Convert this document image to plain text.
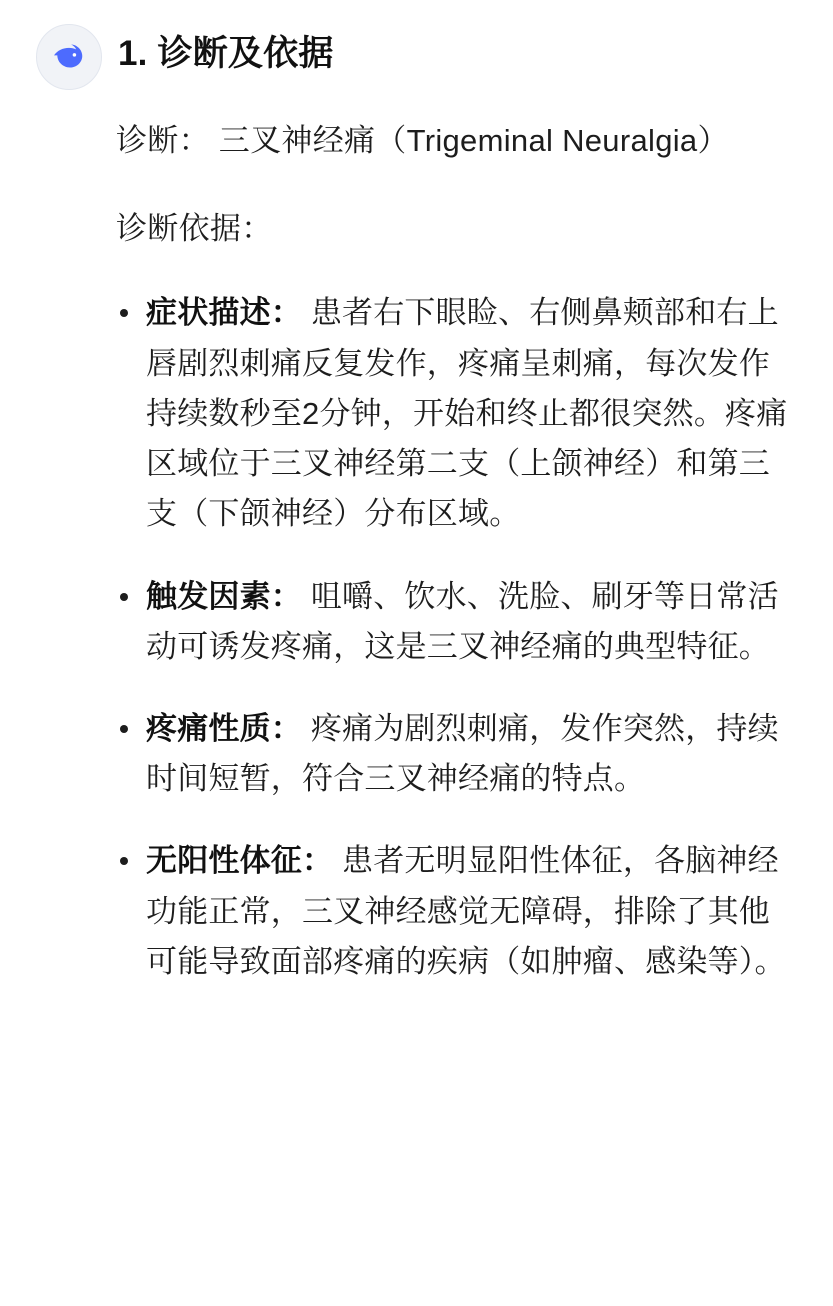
1. 诊断及依据

诊断： 三叉神经痛（Trigeminal Neuralgia）

诊断依据：

症状描述： 患者右下眼睑、右侧鼻颊部和右上唇剧烈刺痛反复发作，疼痛呈刺痛，每次发作持续数秒至2分钟，开始和终止都很突然。疼痛区域位于三叉神经第二支（上颌神经）和第三支（下颌神经）分布区域。
触发因素： 咀嚼、饮水、洗脸、刷牙等日常活动可诱发疼痛，这是三叉神经痛的典型特征。
疼痛性质： 疼痛为剧烈刺痛，发作突然，持续时间短暂，符合三叉神经痛的特点。
无阳性体征： 患者无明显阳性体征，各脑神经功能正常，三叉神经感觉无障碍，排除了其他可能导致面部疼痛的疾病（如肿瘤、感染等）。
